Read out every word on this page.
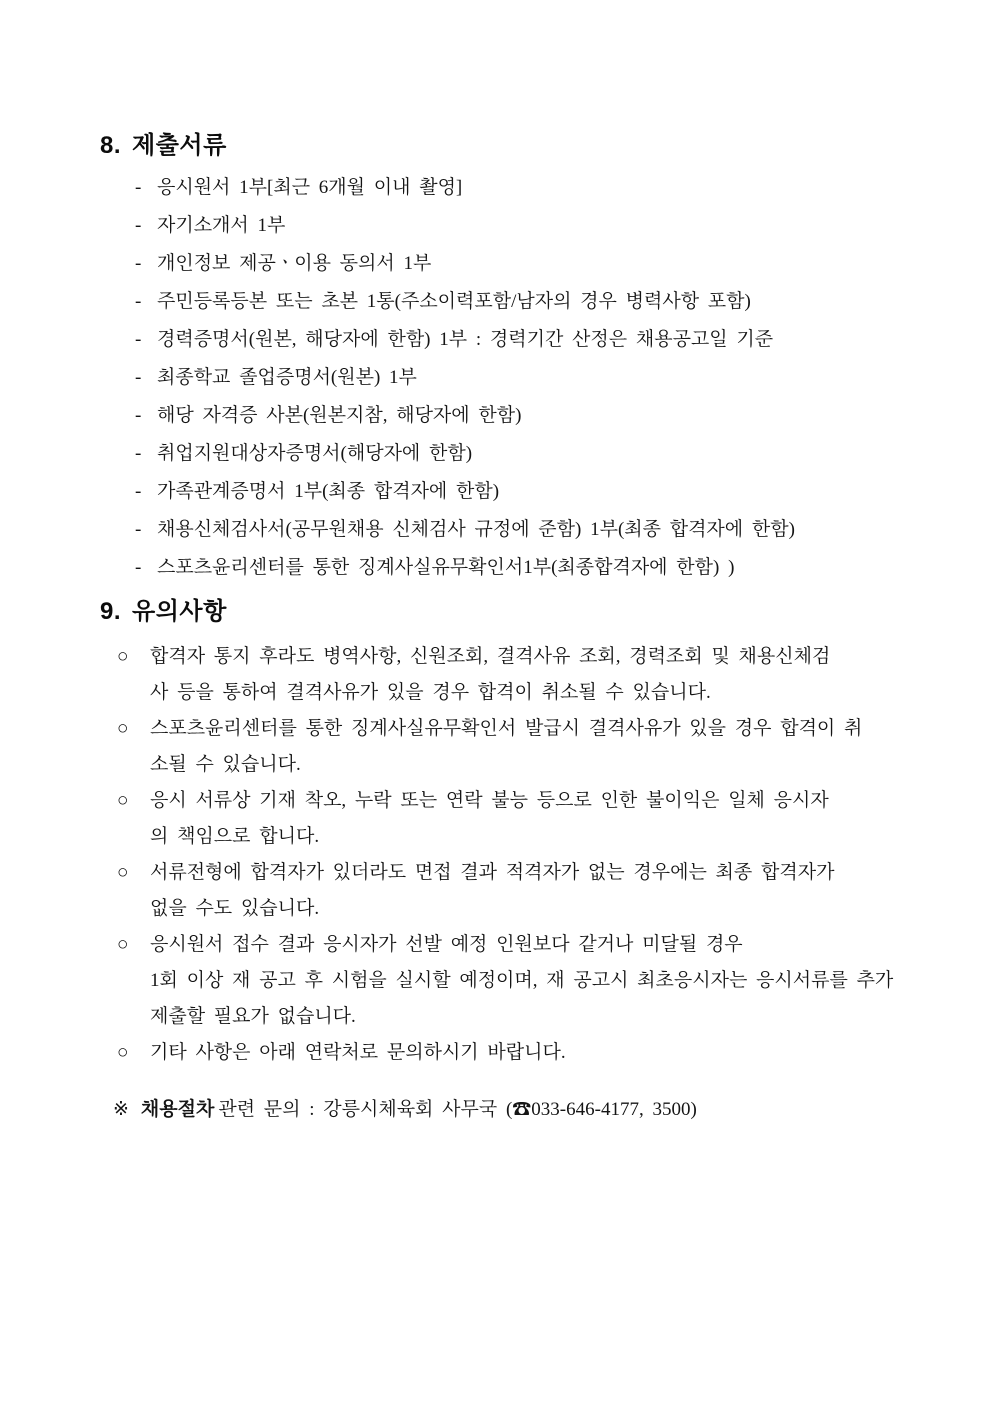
8. 제출서류
- 응시원서 1부[최근 6개월 이내 촬영]
- 자기소개서 1부
- 개인정보 제공ㆍ이용 동의서 1부
- 주민등록등본 또는 초본 1통(주소이력포함/남자의 경우 병력사항 포함)
- 경력증명서(원본, 해당자에 한함) 1부 : 경력기간 산정은 채용공고일 기준
- 최종학교 졸업증명서(원본) 1부
- 해당 자격증 사본(원본지참, 해당자에 한함)
- 취업지원대상자증명서(해당자에 한함)
- 가족관계증명서 1부(최종 합격자에 한함)
- 채용신체검사서(공무원채용 신체검사 규정에 준함) 1부(최종 합격자에 한함)
- 스포츠윤리센터를 통한 징계사실유무확인서1부(최종합격자에 한함) )
9. 유의사항
○	합격자 통지 후라도 병역사항, 신원조회, 결격사유 조회, 경력조회 및 채용신체검
사 등을 통하여 결격사유가 있을 경우 합격이 취소될 수 있습니다.
○	스포츠윤리센터를 통한 징계사실유무확인서 발급시 결격사유가 있을 경우 합격이 취
소될 수 있습니다.
○	응시 서류상 기재 착오, 누락 또는 연락 불능 등으로 인한 불이익은 일체 응시자
의 책임으로 합니다.
○	서류전형에 합격자가 있더라도 면접 결과 적격자가 없는 경우에는 최종 합격자가
없을 수도 있습니다.
○	응시원서 접수 결과 응시자가 선발 예정 인원보다 같거나 미달될 경우
1회 이상 재 공고 후 시험을 실시할 예정이며, 재 공고시 최초응시자는 응시서류를 추가
제출할 필요가 없습니다.
○	기타 사항은 아래 연락처로 문의하시기 바랍니다.

※ 채용절차 관련 문의 : 강릉시체육회 사무국 (☎033-646-4177, 3500)
